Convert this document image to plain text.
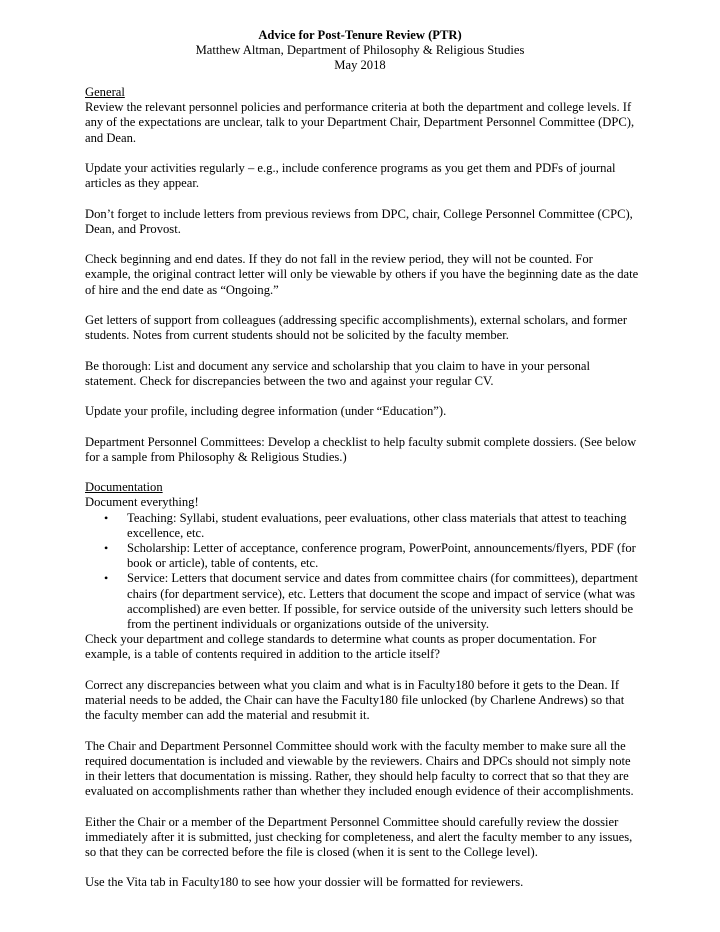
Advice for Post-Tenure Review (PTR)
Matthew Altman, Department of Philosophy & Religious Studies
May 2018
General

Review the relevant personnel policies and performance criteria at both the department and college levels. If any of the expectations are unclear, talk to your Department Chair, Department Personnel Committee (DPC), and Dean.

Update your activities regularly – e.g., include conference programs as you get them and PDFs of journal articles as they appear.

Don’t forget to include letters from previous reviews from DPC, chair, College Personnel Committee (CPC), Dean, and Provost.

Check beginning and end dates. If they do not fall in the review period, they will not be counted. For example, the original contract letter will only be viewable by others if you have the beginning date as the date of hire and the end date as “Ongoing.”

Get letters of support from colleagues (addressing specific accomplishments), external scholars, and former students. Notes from current students should not be solicited by the faculty member.

Be thorough: List and document any service and scholarship that you claim to have in your personal statement. Check for discrepancies between the two and against your regular CV.

Update your profile, including degree information (under “Education”).

Department Personnel Committees: Develop a checklist to help faculty submit complete dossiers. (See below for a sample from Philosophy & Religious Studies.)

Documentation
Document everything!
• Teaching: Syllabi, student evaluations, peer evaluations, other class materials that attest to teaching excellence, etc.
• Scholarship: Letter of acceptance, conference program, PowerPoint, announcements/flyers, PDF (for book or article), table of contents, etc.
• Service: Letters that document service and dates from committee chairs (for committees), department chairs (for department service), etc. Letters that document the scope and impact of service (what was accomplished) are even better. If possible, for service outside of the university such letters should be from the pertinent individuals or organizations outside of the university.

Check your department and college standards to determine what counts as proper documentation. For example, is a table of contents required in addition to the article itself?

Correct any discrepancies between what you claim and what is in Faculty180 before it gets to the Dean. If material needs to be added, the Chair can have the Faculty180 file unlocked (by Charlene Andrews) so that the faculty member can add the material and resubmit it.

The Chair and Department Personnel Committee should work with the faculty member to make sure all the required documentation is included and viewable by the reviewers. Chairs and DPCs should not simply note in their letters that documentation is missing. Rather, they should help faculty to correct that so that they are evaluated on accomplishments rather than whether they included enough evidence of their accomplishments.

Either the Chair or a member of the Department Personnel Committee should carefully review the dossier immediately after it is submitted, just checking for completeness, and alert the faculty member to any issues, so that they can be corrected before the file is closed (when it is sent to the College level).

Use the Vita tab in Faculty180 to see how your dossier will be formatted for reviewers.
